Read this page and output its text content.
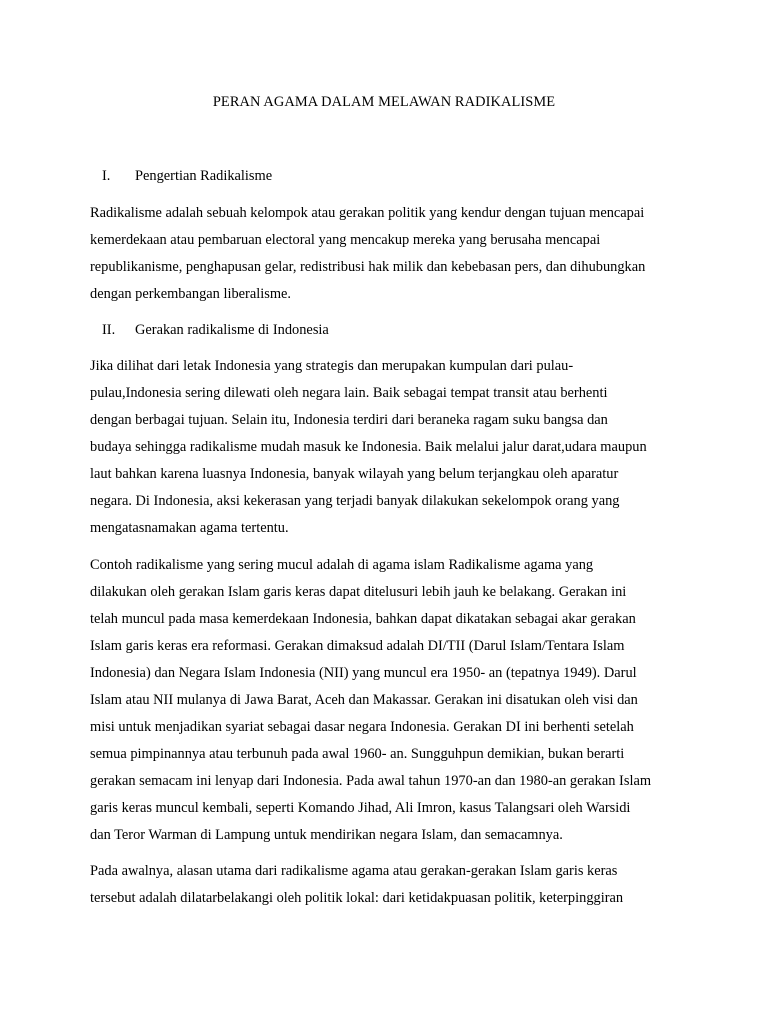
PERAN AGAMA DALAM MELAWAN RADIKALISME
I. Pengertian Radikalisme
Radikalisme adalah sebuah kelompok atau gerakan politik yang kendur dengan tujuan mencapai
kemerdekaan atau pembaruan electoral yang mencakup mereka yang berusaha mencapai
republikanisme, penghapusan gelar, redistribusi hak milik dan kebebasan pers, dan dihubungkan
dengan perkembangan liberalisme.
II. Gerakan radikalisme di Indonesia
Jika dilihat dari letak Indonesia yang strategis dan merupakan kumpulan dari pulau-
pulau,Indonesia sering dilewati oleh negara lain. Baik sebagai tempat transit atau berhenti
dengan berbagai tujuan. Selain itu, Indonesia terdiri dari beraneka ragam suku bangsa dan
budaya sehingga radikalisme mudah masuk ke Indonesia. Baik melalui jalur darat,udara maupun
laut bahkan karena luasnya Indonesia, banyak wilayah yang belum terjangkau oleh aparatur
negara. Di Indonesia, aksi kekerasan yang terjadi banyak dilakukan sekelompok orang yang
mengatasnamakan agama tertentu.
Contoh radikalisme yang sering mucul adalah di agama islam Radikalisme agama yang
dilakukan oleh gerakan Islam garis keras dapat ditelusuri lebih jauh ke belakang. Gerakan ini
telah muncul pada masa kemerdekaan Indonesia, bahkan dapat dikatakan sebagai akar gerakan
Islam garis keras era reformasi. Gerakan dimaksud adalah DI/TII (Darul Islam/Tentara Islam
Indonesia) dan Negara Islam Indonesia (NII) yang muncul era 1950- an (tepatnya 1949). Darul
Islam atau NII mulanya di Jawa Barat, Aceh dan Makassar. Gerakan ini disatukan oleh visi dan
misi untuk menjadikan syariat sebagai dasar negara Indonesia. Gerakan DI ini berhenti setelah
semua pimpinannya atau terbunuh pada awal 1960- an. Sungguhpun demikian, bukan berarti
gerakan semacam ini lenyap dari Indonesia. Pada awal tahun 1970-an dan 1980-an gerakan Islam
garis keras muncul kembali, seperti Komando Jihad, Ali Imron, kasus Talangsari oleh Warsidi
dan Teror Warman di Lampung untuk mendirikan negara Islam, dan semacamnya.
Pada awalnya, alasan utama dari radikalisme agama atau gerakan-gerakan Islam garis keras
tersebut adalah dilatarbelakangi oleh politik lokal: dari ketidakpuasan politik, keterpinggiran
